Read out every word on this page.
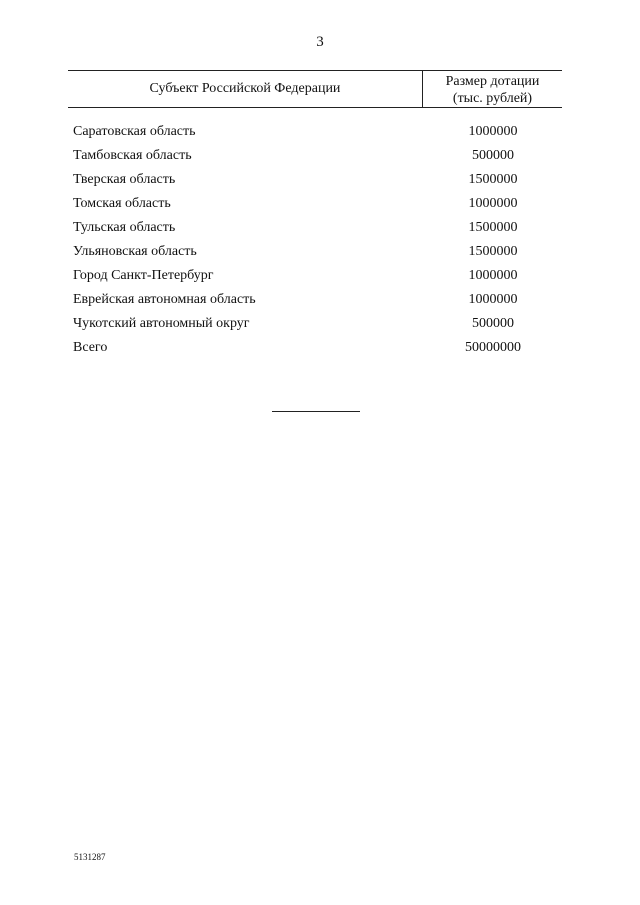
3
Субъект Российской Федерации	Размер дотации
(тыс. рублей)
Саратовская область	1000000
Тамбовская область	500000
Тверская область	1500000
Томская область	1000000
Тульская область	1500000
Ульяновская область	1500000
Город Санкт-Петербург	1000000
Еврейская автономная область	1000000
Чукотский автономный округ	500000
Всего	50000000
5131287
